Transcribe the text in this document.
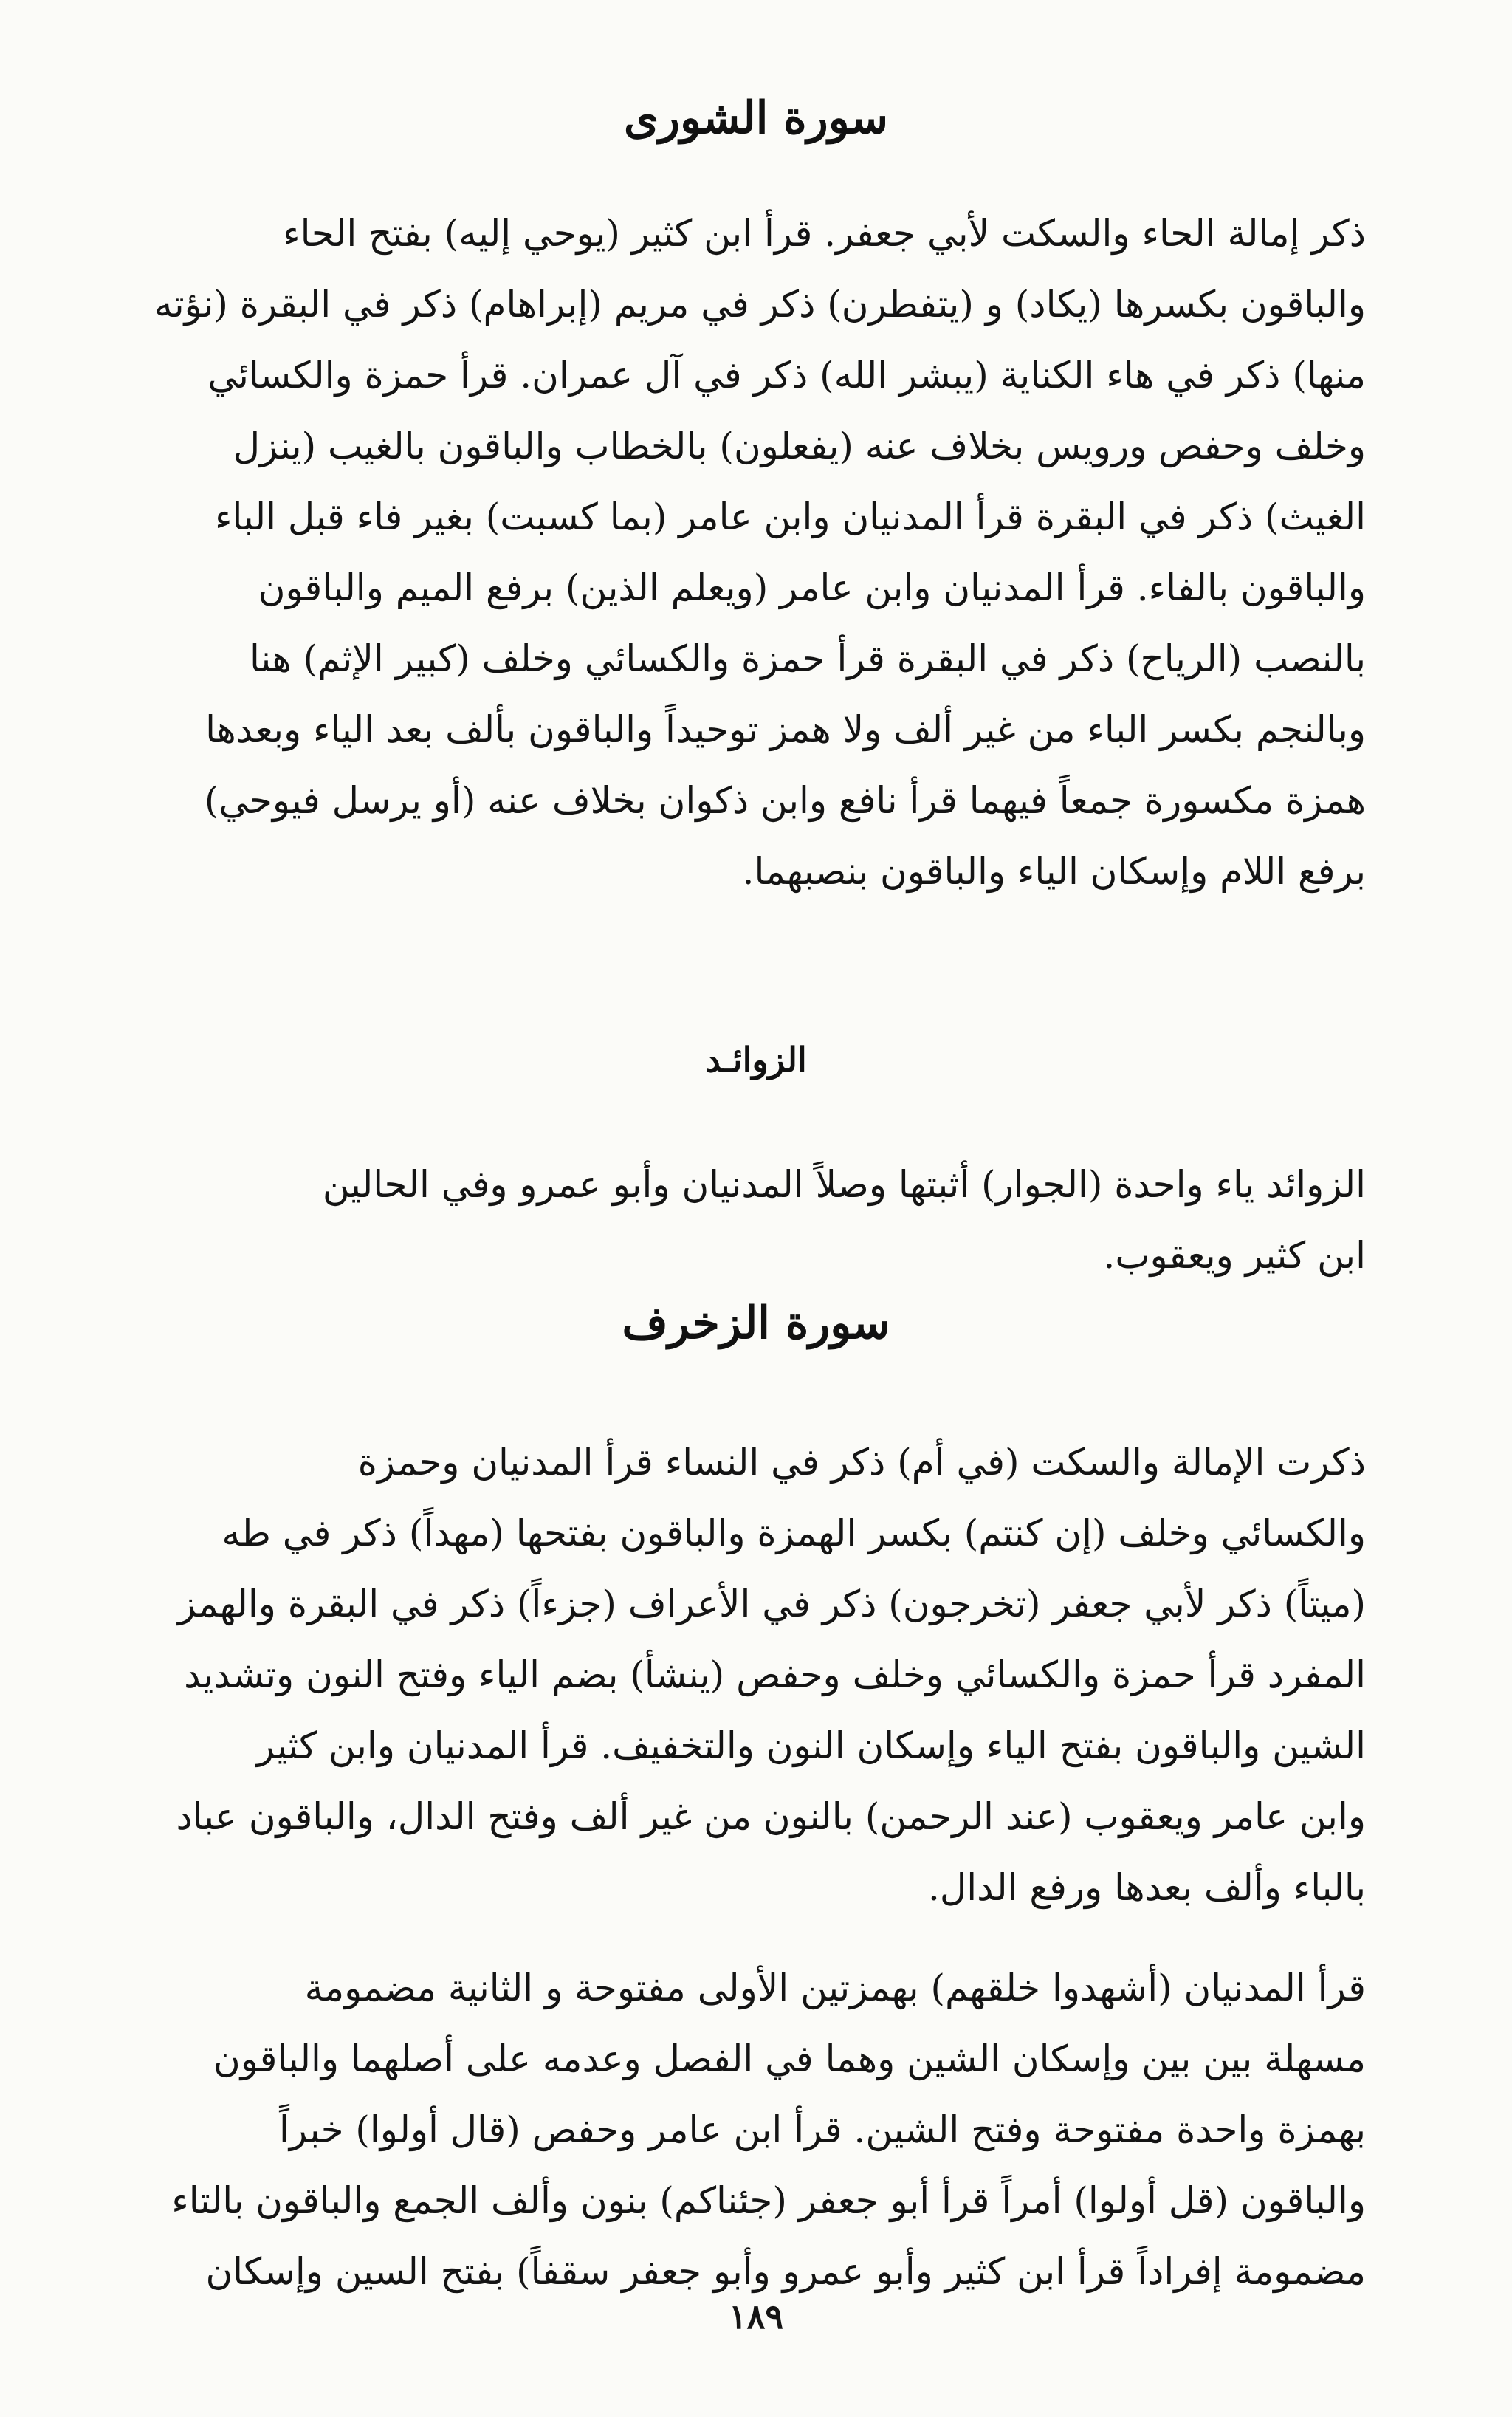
سورة الشورى

ذكر إمالة الحاء والسكت لأبي جعفر. قرأ ابن كثير (يوحي إليه) بفتح الحاء
والباقون بكسرها (يكاد) و (يتفطرن) ذكر في مريم (إبراهام) ذكر في البقرة (نؤته
منها) ذكر في هاء الكناية (يبشر الله) ذكر في آل عمران. قرأ حمزة والكسائي
وخلف وحفص ورويس بخلاف عنه (يفعلون) بالخطاب والباقون بالغيب (ينزل
الغيث) ذكر في البقرة قرأ المدنيان وابن عامر (بما كسبت) بغير فاء قبل الباء
والباقون بالفاء. قرأ المدنيان وابن عامر (ويعلم الذين) برفع الميم والباقون
بالنصب (الرياح) ذكر في البقرة قرأ حمزة والكسائي وخلف (كبير الإثم) هنا
وبالنجم بكسر الباء من غير ألف ولا همز توحيداً والباقون بألف بعد الياء وبعدها
همزة مكسورة جمعاً فيهما قرأ نافع وابن ذكوان بخلاف عنه (أو يرسل فيوحي)
برفع اللام وإسكان الياء والباقون بنصبهما.

الزوائـد

الزوائد ياء واحدة (الجوار) أثبتها وصلاً المدنيان وأبو عمرو وفي الحالين
ابن كثير ويعقوب.

سورة الزخرف

ذكرت الإمالة والسكت (في أم) ذكر في النساء قرأ المدنيان وحمزة
والكسائي وخلف (إن كنتم) بكسر الهمزة والباقون بفتحها (مهداً) ذكر في طه
(ميتاً) ذكر لأبي جعفر (تخرجون) ذكر في الأعراف (جزءاً) ذكر في البقرة والهمز
المفرد قرأ حمزة والكسائي وخلف وحفص (ينشأ) بضم الياء وفتح النون وتشديد
الشين والباقون بفتح الياء وإسكان النون والتخفيف. قرأ المدنيان وابن كثير
وابن عامر ويعقوب (عند الرحمن) بالنون من غير ألف وفتح الدال، والباقون عباد
بالباء وألف بعدها ورفع الدال.

قرأ المدنيان (أشهدوا خلقهم) بهمزتين الأولى مفتوحة و الثانية مضمومة
مسهلة بين بين وإسكان الشين وهما في الفصل وعدمه على أصلهما والباقون
بهمزة واحدة مفتوحة وفتح الشين. قرأ ابن عامر وحفص (قال أولوا) خبراً
والباقون (قل أولوا) أمراً قرأ أبو جعفر (جئناكم) بنون وألف الجمع والباقون بالتاء
مضمومة إفراداً قرأ ابن كثير وأبو عمرو وأبو جعفر سقفاً) بفتح السين وإسكان

١٨٩
